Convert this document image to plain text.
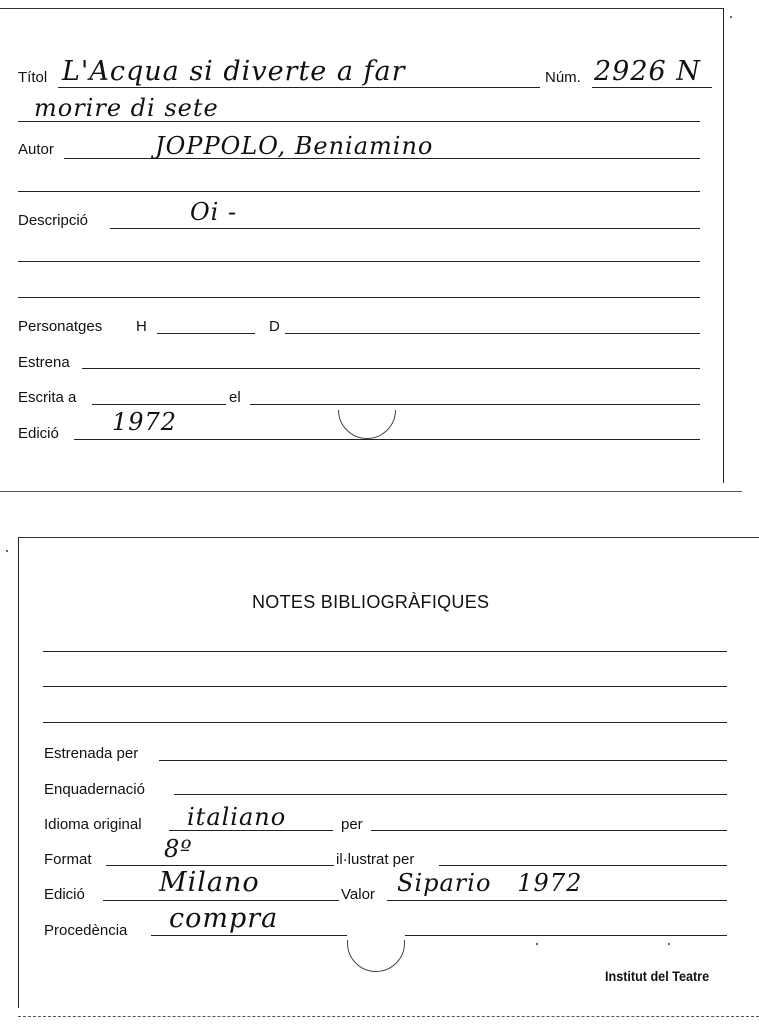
Títol L'Acqua si diverte a far	Núm. 2926 N
morire di sete
Autor	JOPPOLO, Beniamino
Descripció	Oi -
Personatges H	D
Estrena
Escrita a	el
Edició 1972
NOTES BIBLIOGRÀFIQUES
Estrenada per
Enquadernació
Idioma original italiano	per
Format	8º	il·lustrat per
Edició	Milano	Valor Sipario   1972
Procedència compra
Institut del Teatre
